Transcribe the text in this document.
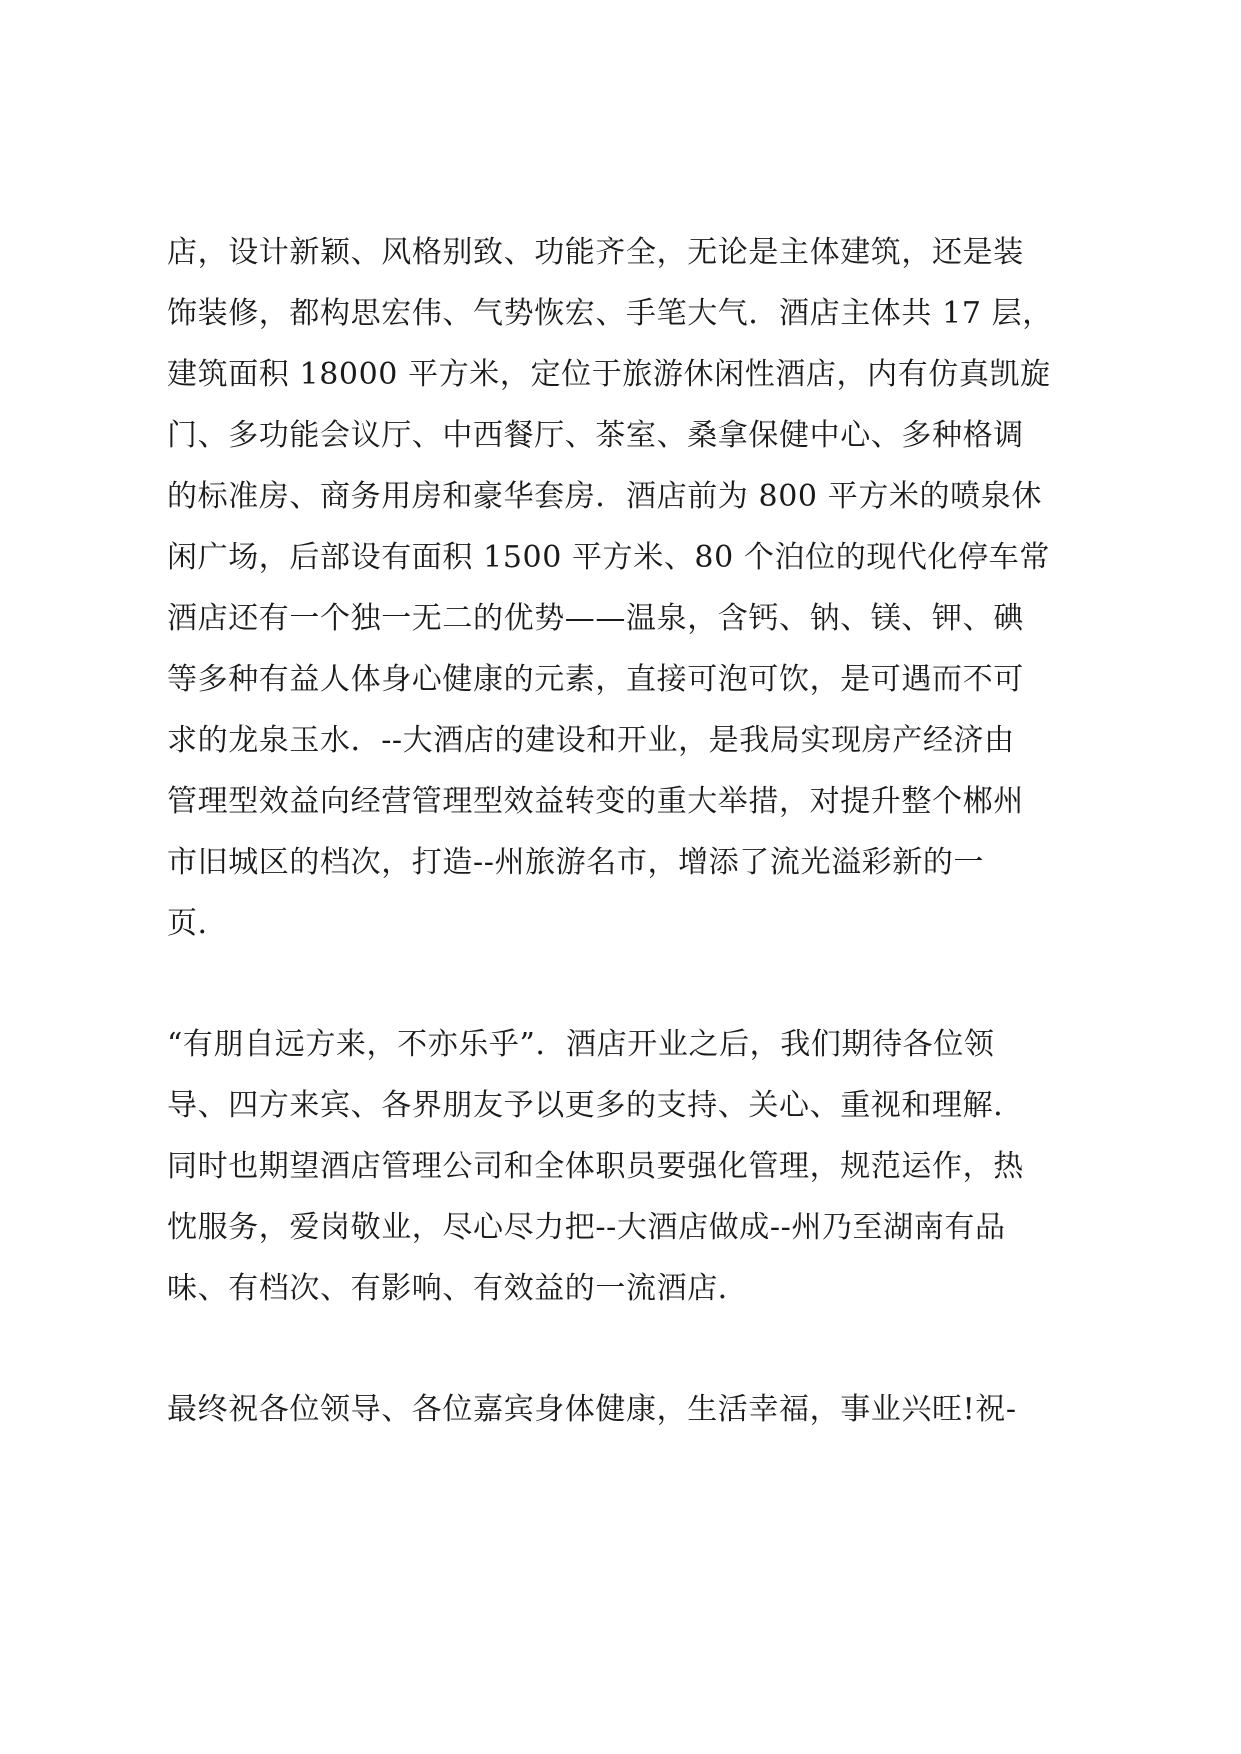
店，设计新颖、风格别致、功能齐全，无论是主体建筑，还是装
饰装修，都构思宏伟、气势恢宏、手笔大气．酒店主体共 17 层，
建筑面积 18000 平方米，定位于旅游休闲性酒店，内有仿真凯旋
门、多功能会议厅、中西餐厅、茶室、桑拿保健中心、多种格调
的标准房、商务用房和豪华套房．酒店前为 800 平方米的喷泉休
闲广场，后部设有面积 1500 平方米、80 个泊位的现代化停车常
酒店还有一个独一无二的优势——温泉，含钙、钠、镁、钾、碘
等多种有益人体身心健康的元素，直接可泡可饮，是可遇而不可
求的龙泉玉水．--大酒店的建设和开业，是我局实现房产经济由
管理型效益向经营管理型效益转变的重大举措，对提升整个郴州
市旧城区的档次，打造--州旅游名市，增添了流光溢彩新的一
页．
“有朋自远方来，不亦乐乎”．酒店开业之后，我们期待各位领
导、四方来宾、各界朋友予以更多的支持、关心、重视和理解．
同时也期望酒店管理公司和全体职员要强化管理，规范运作，热
忱服务，爱岗敬业，尽心尽力把--大酒店做成--州乃至湖南有品
味、有档次、有影响、有效益的一流酒店．
最终祝各位领导、各位嘉宾身体健康，生活幸福，事业兴旺!祝-
